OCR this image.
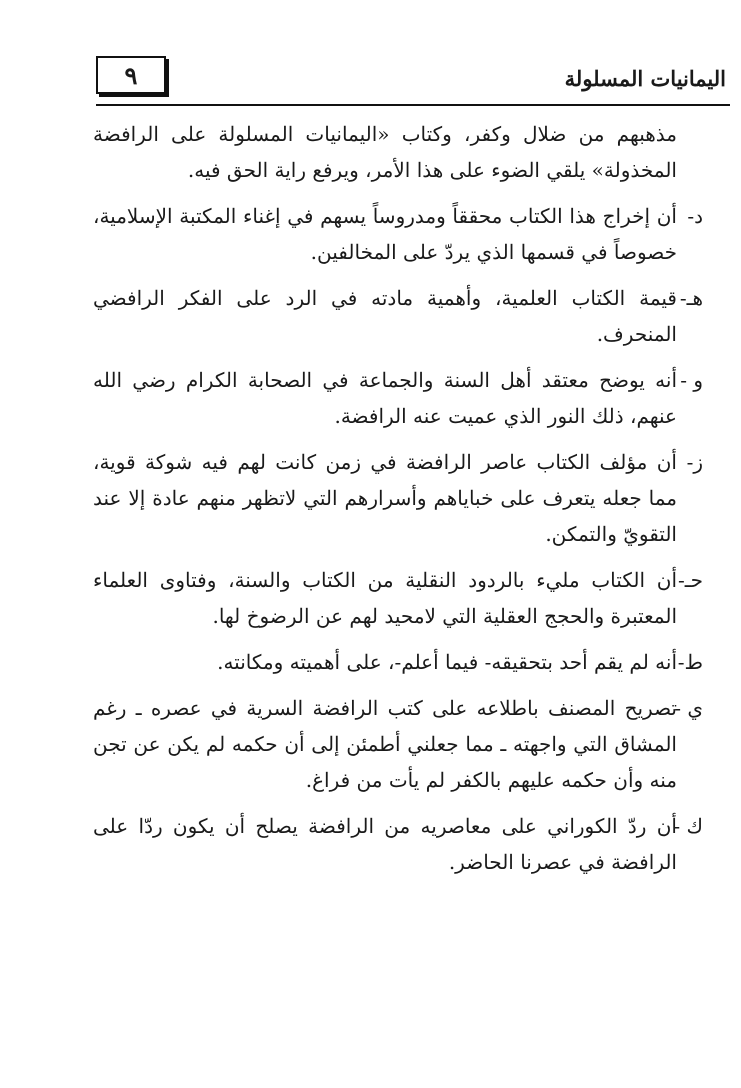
٩	اليمانيات المسلولة

مذهبهم من ضلال وكفر، وكتاب «اليمانيات المسلولة على الرافضة المخذولة» يلقي الضوء على هذا الأمر، ويرفع راية الحق فيه.

د-
أن إخراج هذا الكتاب محققاً ومدروساً يسهم في إغناء المكتبة الإسلامية، خصوصاً في قسمها الذي يردّ على المخالفين.

هـ-
قيمة الكتاب العلمية، وأهمية مادته في الرد على الفكر الرافضي المنحرف.

و -
أنه يوضح معتقد أهل السنة والجماعة في الصحابة الكرام رضي الله عنهم، ذلك النور الذي عميت عنه الرافضة.

ز-
أن مؤلف الكتاب عاصر الرافضة في زمن كانت لهم فيه شوكة قوية، مما جعله يتعرف على خباياهم وأسرارهم التي لاتظهر منهم عادة إلا عند التقويّ والتمكن.

حـ-
أن الكتاب مليء بالردود النقلية من الكتاب والسنة، وفتاوى العلماء المعتبرة والحجج العقلية التي لامحيد لهم عن الرضوخ لها.

ط-
أنه لم يقم أحد بتحقيقه- فيما أعلم-، على أهميته ومكانته.

ي -
تصريح المصنف باطلاعه على كتب الرافضة السرية في عصره ـ رغم المشاق التي واجهته ـ مما جعلني أطمئن إلى أن حكمه لم يكن عن تجن منه وأن حكمه عليهم بالكفر لم يأت من فراغ.

ك -
أن ردّ الكوراني على معاصريه من الرافضة يصلح أن يكون ردّا على الرافضة في عصرنا الحاضر.
